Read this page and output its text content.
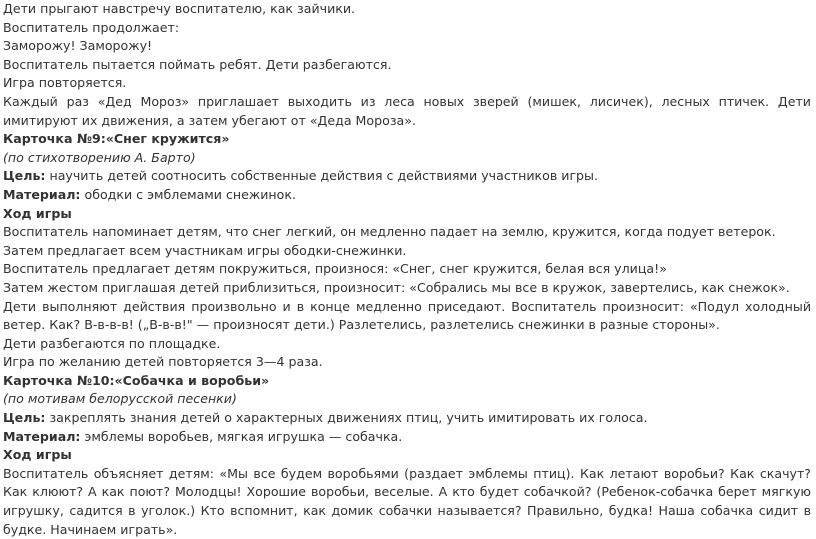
Дети прыгают навстречу воспитателю, как зайчики.
Воспитатель продолжает:
Заморожу! Заморожу!
Воспитатель пытается поймать ребят. Дети разбегаются.
Игра повторяется.
Каждый раз «Дед Мороз» приглашает выходить из леса новых зверей (мишек, лисичек), лесных птичек. Дети имитируют их движения, а затем убегают от «Деда Мороза».
Карточка №9:«Снег кружится»
(по стихотворению А. Барто)
Цель: научить детей соотносить собственные действия с действиями участников игры.
Материал: ободки с эмблемами снежинок.
Ход игры
Воспитатель напоминает детям, что снег легкий, он медленно падает на землю, кружится, когда подует ветерок.
Затем предлагает всем участникам игры ободки-снежинки.
Воспитатель предлагает детям покружиться, произнося: «Снег, снег кружится, белая вся улица!»
Затем жестом приглашая детей приблизиться, произносит: «Собрались мы все в кружок, завертелись, как снежок».
Дети выполняют действия произвольно и в конце медленно приседают. Воспитатель произносит: «Подул холодный ветер. Как? В-в-в-в! („В-в-в!" — произносят дети.) Разлетелись, разлетелись снежинки в разные стороны».
Дети разбегаются по площадке.
Игра по желанию детей повторяется 3—4 раза.
Карточка №10:«Собачка и воробьи»
(по мотивам белорусской песенки)
Цель: закреплять знания детей о характерных движениях птиц, учить имитировать их голоса.
Материал: эмблемы воробьев, мягкая игрушка — собачка.
Ход игры
Воспитатель объясняет детям: «Мы все будем воробьями (раздает эмблемы птиц). Как летают воробьи? Как скачут? Как клюют? А как поют? Молодцы! Хорошие воробьи, веселые. А кто будет собачкой? (Ребенок-собачка берет мягкую игрушку, садится в уголок.) Кто вспомнит, как домик собачки называется? Правильно, будка! Наша собачка сидит в будке. Начинаем играть».
